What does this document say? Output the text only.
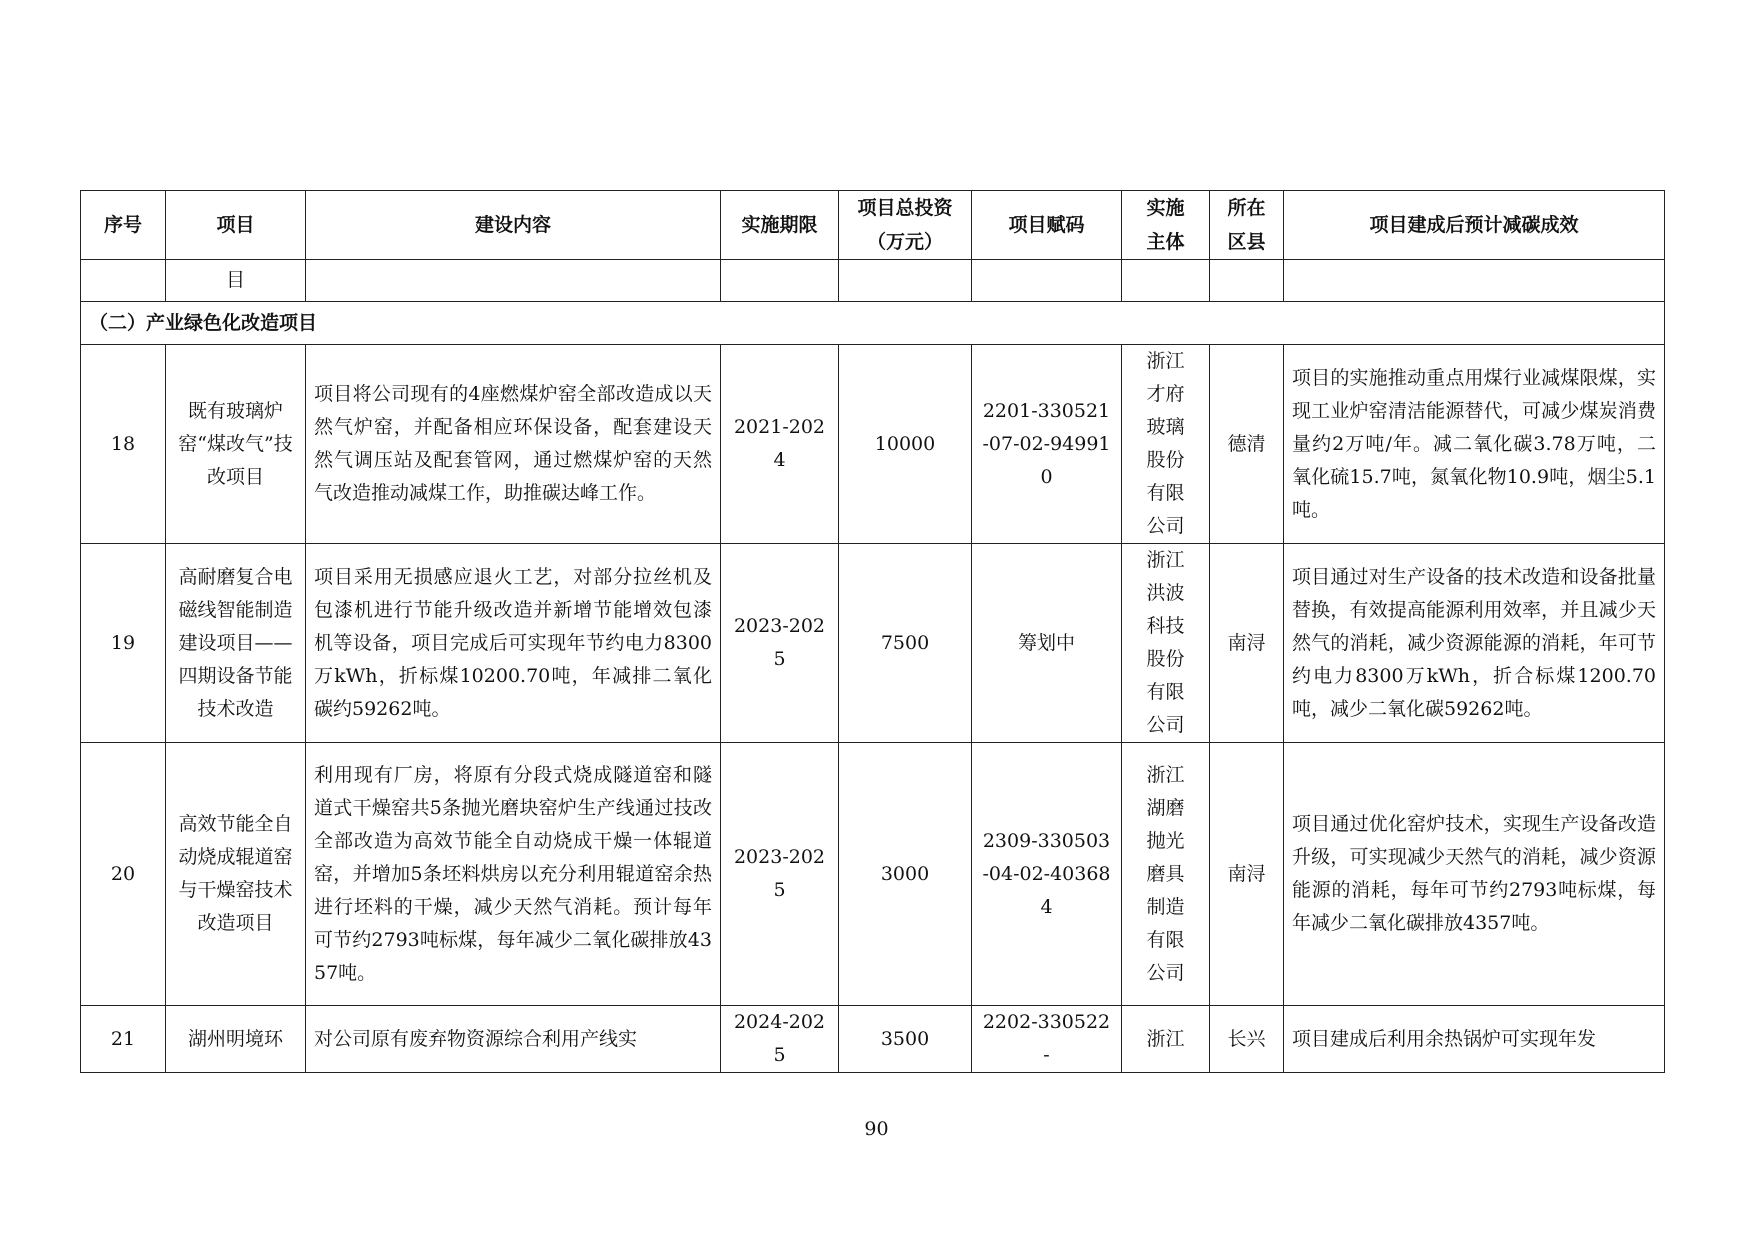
序号	项目	建设内容	实施期限	项目总投资（万元）	项目赋码	实施主体	所在区县	项目建成后预计减碳成效
	目							
（二）产业绿色化改造项目								
18	既有玻璃炉窑“煤改气”技改项目	项目将公司现有的4座燃煤炉窑全部改造成以天然气炉窑，并配备相应环保设备，配套建设天然气调压站及配套管网，通过燃煤炉窑的天然气改造推动减煤工作，助推碳达峰工作。	2021-2024	10000	2201-330521-07-02-949910	浙江才府玻璃股份有限公司	德清	项目的实施推动重点用煤行业减煤限煤，实现工业炉窑清洁能源替代，可减少煤炭消费量约2万吨/年。减二氧化碳3.78万吨，二氧化硫15.7吨，氮氧化物10.9吨，烟尘5.1吨。
19	高耐磨复合电磁线智能制造建设项目——四期设备节能技术改造	项目采用无损感应退火工艺，对部分拉丝机及包漆机进行节能升级改造并新增节能增效包漆机等设备，项目完成后可实现年节约电力8300万kWh，折标煤10200.70吨，年减排二氧化碳约59262吨。	2023-2025	7500	筹划中	浙江洪波科技股份有限公司	南浔	项目通过对生产设备的技术改造和设备批量替换，有效提高能源利用效率，并且减少天然气的消耗，减少资源能源的消耗，年可节约电力8300万kWh，折合标煤1200.70吨，减少二氧化碳59262吨。
20	高效节能全自动烧成辊道窑与干燥窑技术改造项目	利用现有厂房，将原有分段式烧成隧道窑和隧道式干燥窑共5条抛光磨块窑炉生产线通过技改全部改造为高效节能全自动烧成干燥一体辊道窑，并增加5条坯料烘房以充分利用辊道窑余热进行坯料的干燥，减少天然气消耗。预计每年可节约2793吨标煤，每年减少二氧化碳排放4357吨。	2023-2025	3000	2309-330503-04-02-403684	浙江湖磨抛光磨具制造有限公司	南浔	项目通过优化窑炉技术，实现生产设备改造升级，可实现减少天然气的消耗，减少资源能源的消耗，每年可节约2793吨标煤，每年减少二氧化碳排放4357吨。
21	湖州明境环	对公司原有废弃物资源综合利用产线实	2024-2025	3500	2202-330522-	浙江	长兴	项目建成后利用余热锅炉可实现年发
90
